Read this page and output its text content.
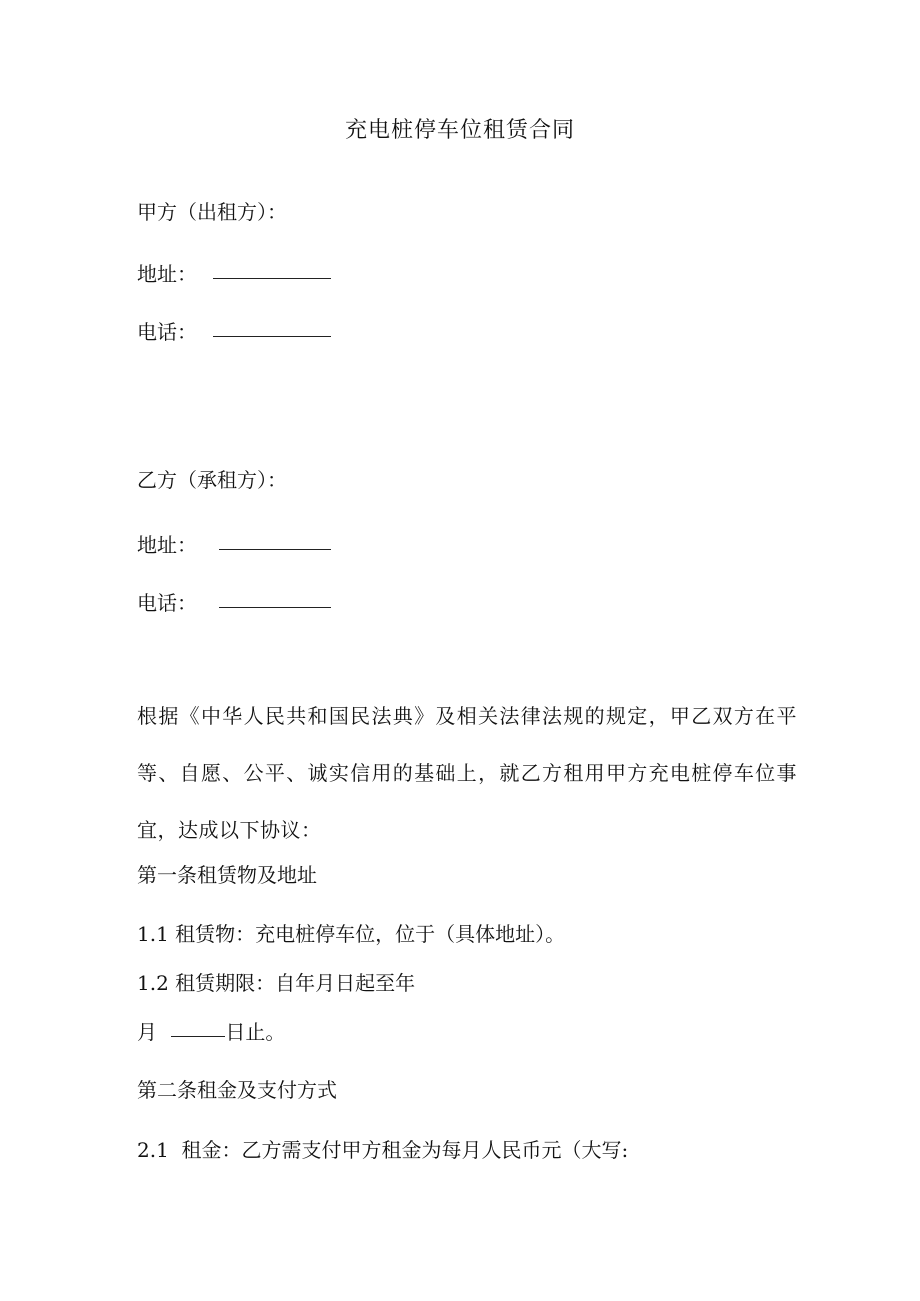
充电桩停车位租赁合同
甲方（出租方）：
地址：
电话：
乙方（承租方）：
地址：
电话：
根据《中华人民共和国民法典》及相关法律法规的规定，甲乙双方在平等、自愿、公平、诚实信用的基础上，就乙方租用甲方充电桩停车位事宜，达成以下协议：
第一条租赁物及地址
1.1 租赁物：充电桩停车位，位于（具体地址）。
1.2 租赁期限：自年月日起至年
月	日止。
第二条租金及支付方式
2.1  租金：乙方需支付甲方租金为每月人民币元（大写:
